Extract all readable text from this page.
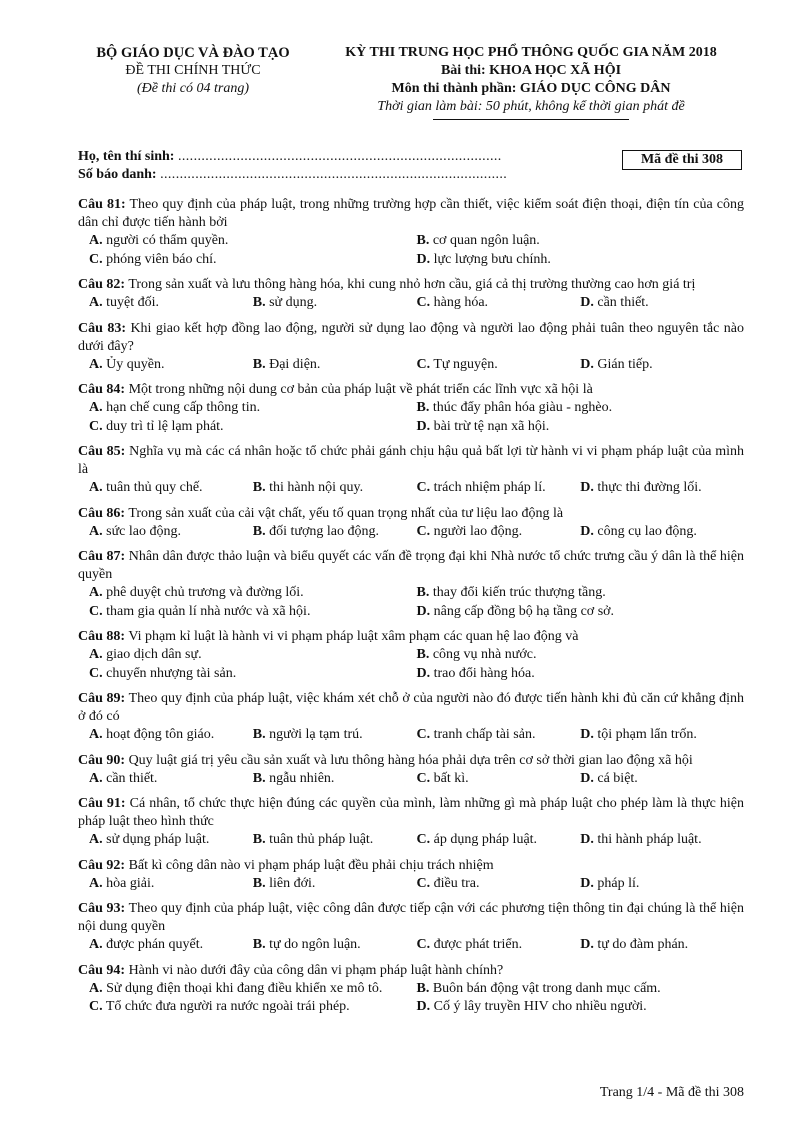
BỘ GIÁO DỤC VÀ ĐÀO TẠO
ĐỀ THI CHÍNH THỨC
(Đề thi có 04 trang)
KỲ THI TRUNG HỌC PHỔ THÔNG QUỐC GIA NĂM 2018
Bài thi: KHOA HỌC XÃ HỘI
Môn thi thành phần: GIÁO DỤC CÔNG DÂN
Thời gian làm bài: 50 phút, không kể thời gian phát đề
Họ, tên thí sinh: ...................................................................................
Số báo danh: .........................................................................................
Mã đề thi 308
Câu 81: Theo quy định của pháp luật, trong những trường hợp cần thiết, việc kiểm soát điện thoại, điện tín của công dân chỉ được tiến hành bởi
A. người có thẩm quyền.	B. cơ quan ngôn luận.
C. phóng viên báo chí.	D. lực lượng bưu chính.
Câu 82: Trong sản xuất và lưu thông hàng hóa, khi cung nhỏ hơn cầu, giá cả thị trường thường cao hơn giá trị
A. tuyệt đối.	B. sử dụng.	C. hàng hóa.	D. cần thiết.
Câu 83: Khi giao kết hợp đồng lao động, người sử dụng lao động và người lao động phải tuân theo nguyên tắc nào dưới đây?
A. Ủy quyền.	B. Đại diện.	C. Tự nguyện.	D. Gián tiếp.
Câu 84: Một trong những nội dung cơ bản của pháp luật về phát triển các lĩnh vực xã hội là
A. hạn chế cung cấp thông tin.	B. thúc đẩy phân hóa giàu - nghèo.
C. duy trì tỉ lệ lạm phát.	D. bài trừ tệ nạn xã hội.
Câu 85: Nghĩa vụ mà các cá nhân hoặc tổ chức phải gánh chịu hậu quả bất lợi từ hành vi vi phạm pháp luật của mình là
A. tuân thủ quy chế.	B. thi hành nội quy.	C. trách nhiệm pháp lí.	D. thực thi đường lối.
Câu 86: Trong sản xuất của cải vật chất, yếu tố quan trọng nhất của tư liệu lao động là
A. sức lao động.	B. đối tượng lao động.	C. người lao động.	D. công cụ lao động.
Câu 87: Nhân dân được thảo luận và biểu quyết các vấn đề trọng đại khi Nhà nước tổ chức trưng cầu ý dân là thể hiện quyền
A. phê duyệt chủ trương và đường lối.	B. thay đổi kiến trúc thượng tầng.
C. tham gia quản lí nhà nước và xã hội.	D. nâng cấp đồng bộ hạ tầng cơ sở.
Câu 88: Vi phạm kỉ luật là hành vi vi phạm pháp luật xâm phạm các quan hệ lao động và
A. giao dịch dân sự.	B. công vụ nhà nước.
C. chuyển nhượng tài sản.	D. trao đổi hàng hóa.
Câu 89: Theo quy định của pháp luật, việc khám xét chỗ ở của người nào đó được tiến hành khi đủ căn cứ khẳng định ở đó có
A. hoạt động tôn giáo.	B. người lạ tạm trú.	C. tranh chấp tài sản.	D. tội phạm lẩn trốn.
Câu 90: Quy luật giá trị yêu cầu sản xuất và lưu thông hàng hóa phải dựa trên cơ sở thời gian lao động xã hội
A. cần thiết.	B. ngẫu nhiên.	C. bất kì.	D. cá biệt.
Câu 91: Cá nhân, tổ chức thực hiện đúng các quyền của mình, làm những gì mà pháp luật cho phép làm là thực hiện pháp luật theo hình thức
A. sử dụng pháp luật.	B. tuân thủ pháp luật.	C. áp dụng pháp luật.	D. thi hành pháp luật.
Câu 92: Bất kì công dân nào vi phạm pháp luật đều phải chịu trách nhiệm
A. hòa giải.	B. liên đới.	C. điều tra.	D. pháp lí.
Câu 93: Theo quy định của pháp luật, việc công dân được tiếp cận với các phương tiện thông tin đại chúng là thể hiện nội dung quyền
A. được phán quyết.	B. tự do ngôn luận.	C. được phát triển.	D. tự do đàm phán.
Câu 94: Hành vi nào dưới đây của công dân vi phạm pháp luật hành chính?
A. Sử dụng điện thoại khi đang điều khiển xe mô tô.	B. Buôn bán động vật trong danh mục cấm.
C. Tổ chức đưa người ra nước ngoài trái phép.	D. Cố ý lây truyền HIV cho nhiều người.
Trang 1/4 - Mã đề thi 308
